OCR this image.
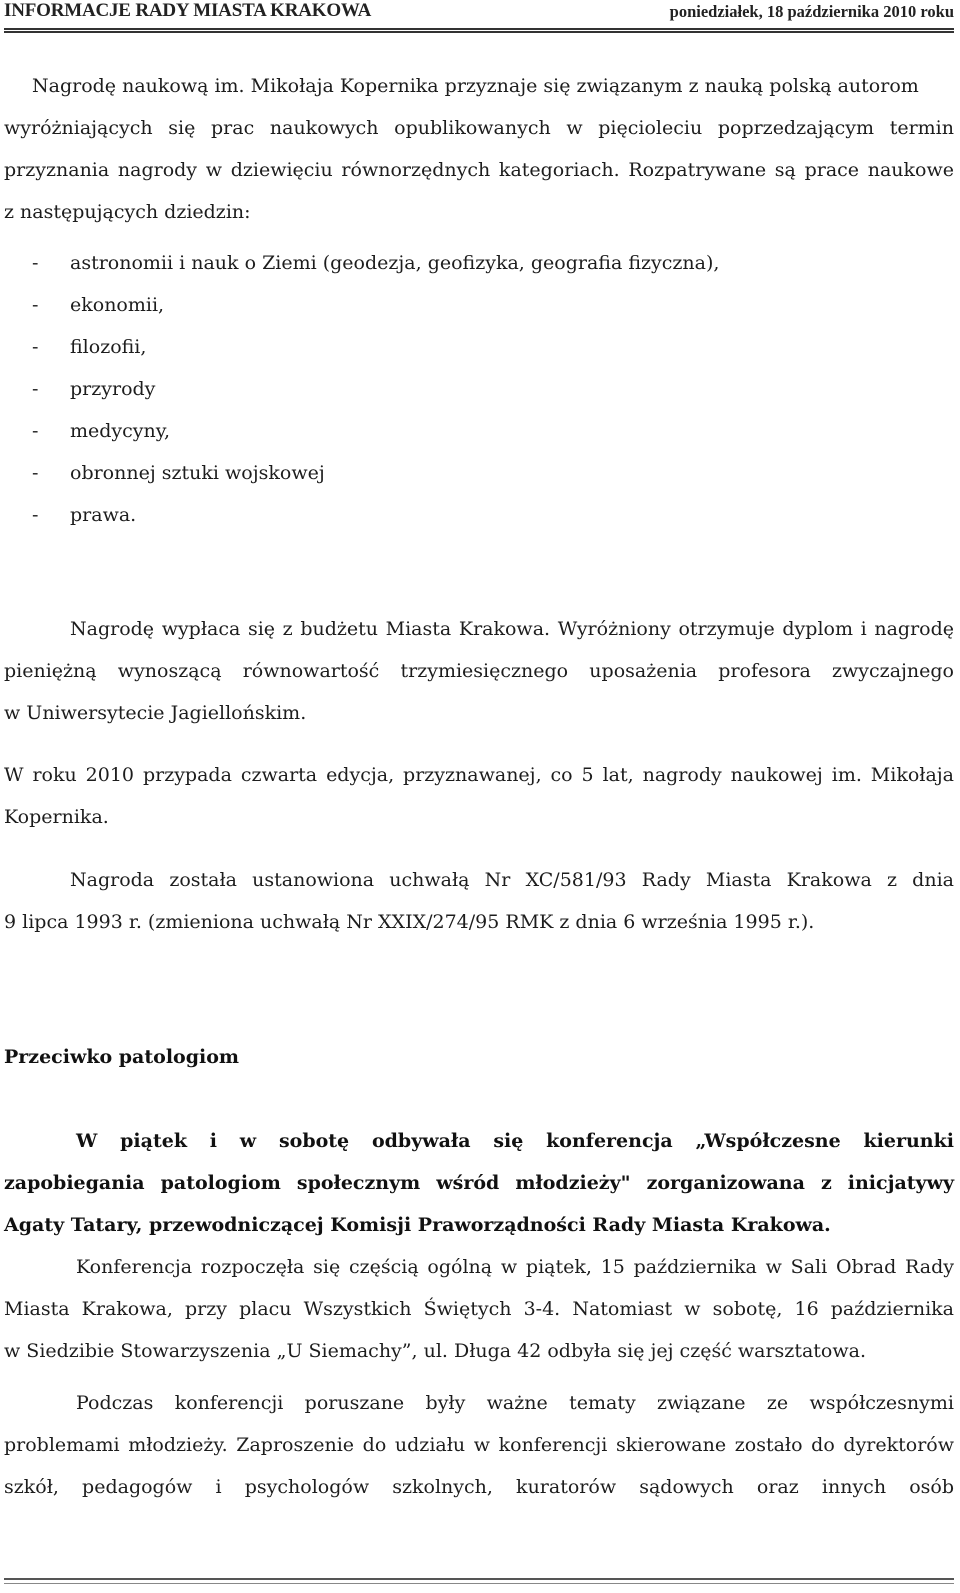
INFORMACJE RADY MIASTA KRAKOWA	poniedziałek, 18 października 2010 roku
Nagrodę naukową im. Mikołaja Kopernika przyznaje się związanym z nauką polską autorom
wyróżniających się prac naukowych opublikowanych w pięcioleciu poprzedzającym termin
przyznania nagrody w dziewięciu równorzędnych kategoriach. Rozpatrywane są prace naukowe
z następujących dziedzin:
- astronomii i nauk o Ziemi (geodezja, geofizyka, geografia fizyczna),
- ekonomii,
- filozofii,
- przyrody
- medycyny,
- obronnej sztuki wojskowej
- prawa.
Nagrodę wypłaca się z budżetu Miasta Krakowa. Wyróżniony otrzymuje dyplom i nagrodę
pieniężną wynoszącą równowartość trzymiesięcznego uposażenia profesora zwyczajnego
w Uniwersytecie Jagiellońskim.
W roku 2010 przypada czwarta edycja, przyznawanej, co 5 lat, nagrody naukowej im. Mikołaja
Kopernika.
Nagroda została ustanowiona uchwałą Nr XC/581/93 Rady Miasta Krakowa z dnia
9 lipca 1993 r. (zmieniona uchwałą Nr XXIX/274/95 RMK z dnia 6 września 1995 r.).
Przeciwko patologiom
W piątek i w sobotę odbywała się konferencja „Współczesne kierunki
zapobiegania patologiom społecznym wśród młodzieży" zorganizowana z inicjatywy
Agaty Tatary, przewodniczącej Komisji Praworządności Rady Miasta Krakowa.
Konferencja rozpoczęła się częścią ogólną w piątek, 15 października w Sali Obrad Rady
Miasta Krakowa, przy placu Wszystkich Świętych 3-4. Natomiast w sobotę, 16 października
w Siedzibie Stowarzyszenia „U Siemachy”, ul. Długa 42 odbyła się jej część warsztatowa.
Podczas konferencji poruszane były ważne tematy związane ze współczesnymi
problemami młodzieży. Zaproszenie do udziału w konferencji skierowane zostało do dyrektorów
szkół, pedagogów i psychologów szkolnych, kuratorów sądowych oraz innych osób
